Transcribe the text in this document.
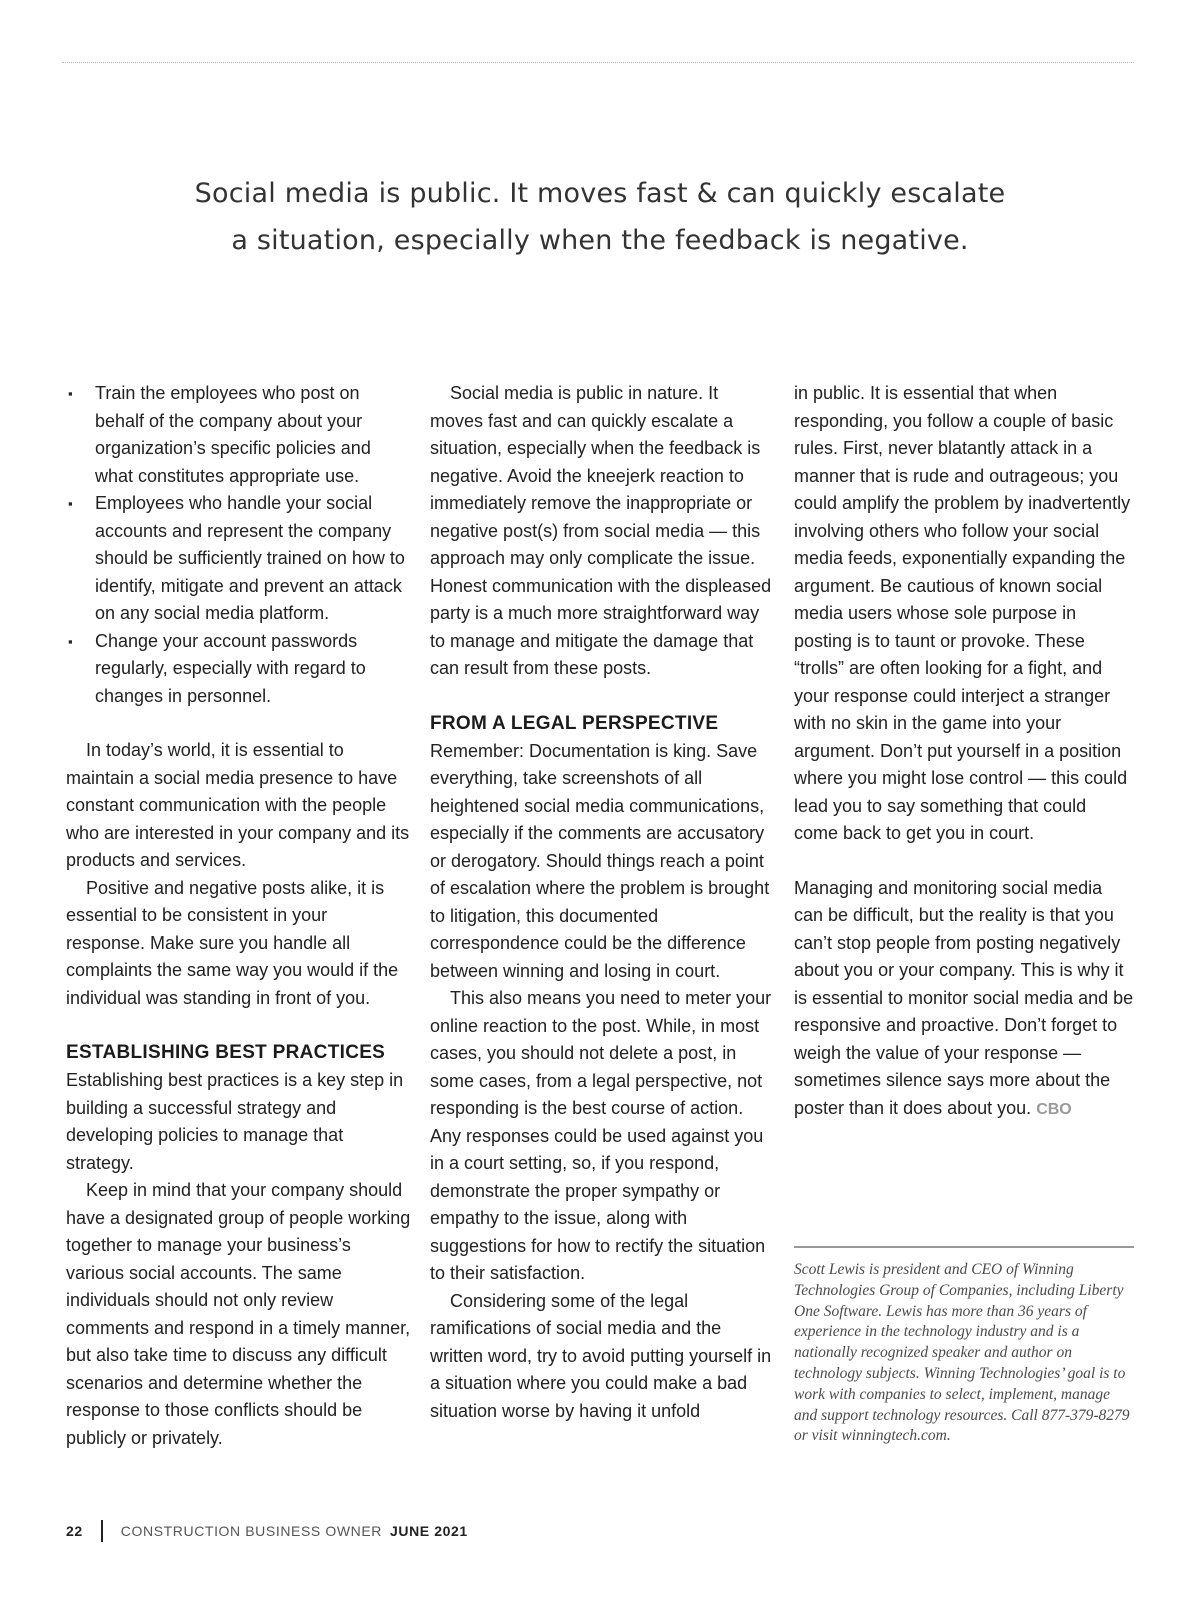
Social media is public. It moves fast & can quickly escalate
a situation, especially when the feedback is negative.
▪ Train the employees who post on behalf of the company about your organization’s specific policies and what constitutes appropriate use.
▪ Employees who handle your social accounts and represent the company should be sufficiently trained on how to identify, mitigate and prevent an attack on any social media platform.
▪ Change your account passwords regularly, especially with regard to changes in personnel.

In today’s world, it is essential to maintain a social media presence to have constant communication with the people who are interested in your company and its products and services.

Positive and negative posts alike, it is essential to be consistent in your response. Make sure you handle all complaints the same way you would if the individual was standing in front of you.

ESTABLISHING BEST PRACTICES

Establishing best practices is a key step in building a successful strategy and developing policies to manage that strategy.

Keep in mind that your company should have a designated group of people working together to manage your business’s various social accounts. The same individuals should not only review comments and respond in a timely manner, but also take time to discuss any difficult scenarios and determine whether the response to those conflicts should be publicly or privately.

Social media is public in nature. It moves fast and can quickly escalate a situation, especially when the feedback is negative. Avoid the kneejerk reaction to immediately remove the inappropriate or negative post(s) from social media — this approach may only complicate the issue. Honest communication with the displeased party is a much more straightforward way to manage and mitigate the damage that can result from these posts.

FROM A LEGAL PERSPECTIVE

Remember: Documentation is king. Save everything, take screenshots of all heightened social media communications, especially if the comments are accusatory or derogatory. Should things reach a point of escalation where the problem is brought to litigation, this documented correspondence could be the difference between winning and losing in court.

This also means you need to meter your online reaction to the post. While, in most cases, you should not delete a post, in some cases, from a legal perspective, not responding is the best course of action. Any responses could be used against you in a court setting, so, if you respond, demonstrate the proper sympathy or empathy to the issue, along with suggestions for how to rectify the situation to their satisfaction.

Considering some of the legal ramifications of social media and the written word, try to avoid putting yourself in a situation where you could make a bad situation worse by having it unfold

in public. It is essential that when responding, you follow a couple of basic rules. First, never blatantly attack in a manner that is rude and outrageous; you could amplify the problem by inadvertently involving others who follow your social media feeds, exponentially expanding the argument. Be cautious of known social media users whose sole purpose in posting is to taunt or provoke. These “trolls” are often looking for a fight, and your response could interject a stranger with no skin in the game into your argument. Don’t put yourself in a position where you might lose control — this could lead you to say something that could come back to get you in court.

Managing and monitoring social media can be difficult, but the reality is that you can’t stop people from posting negatively about you or your company. This is why it is essential to monitor social media and be responsive and proactive. Don’t forget to weigh the value of your response — sometimes silence says more about the poster than it does about you. CBO

Scott Lewis is president and CEO of Winning Technologies Group of Companies, including Liberty One Software. Lewis has more than 36 years of experience in the technology industry and is a nationally recognized speaker and author on technology subjects. Winning Technologies’ goal is to work with companies to select, implement, manage and support technology resources. Call 877-379-8279 or visit winningtech.com.

22	CONSTRUCTION BUSINESS OWNER JUNE 2021
